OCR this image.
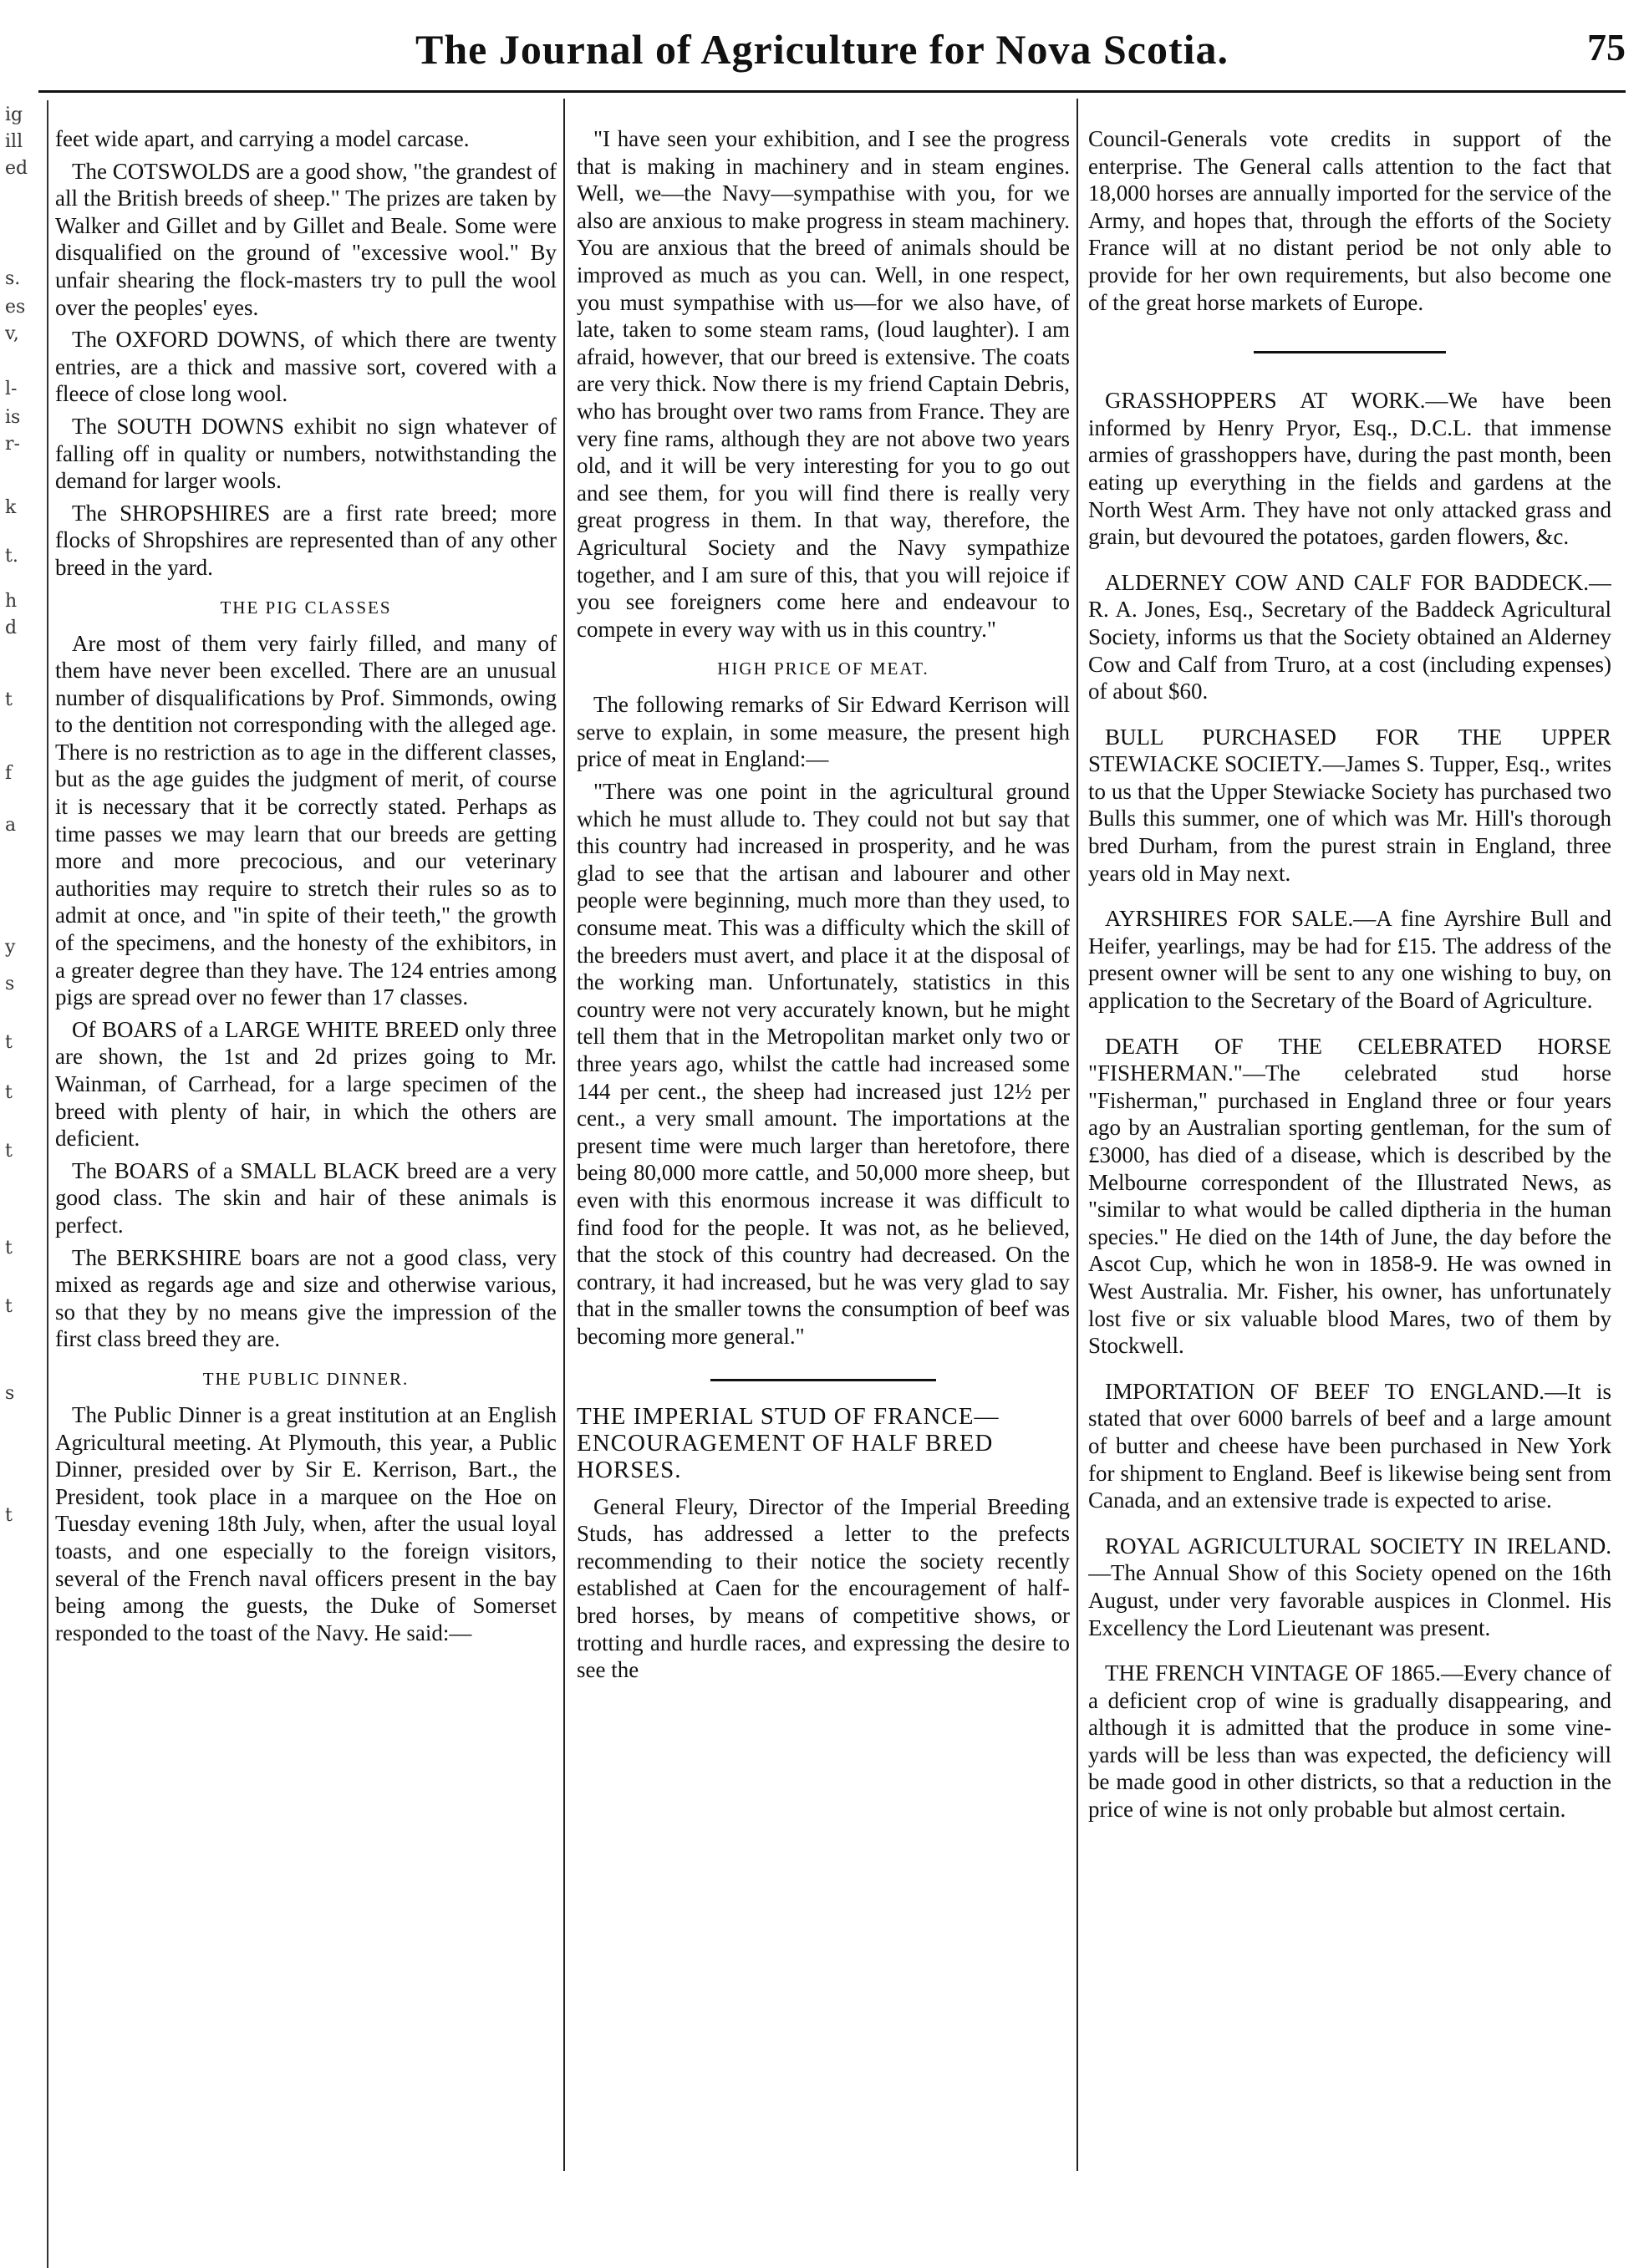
The Journal of Agriculture for Nova Scotia.	75
ig
ill
ed
s.
es
v,
l-
is
r-
k
t.
h
d
t
f
a
y
s
t
t
t
t
t
s
t

feet wide apart, and carrying a model carcase.

The COTSWOLDS are a good show, "the grandest of all the British breeds of sheep." The prizes are taken by Walker and Gillet and by Gillet and Beale. Some were disqualified on the ground of "excessive wool." By unfair shearing the flock-masters try to pull the wool over the peoples' eyes.

The OXFORD DOWNS, of which there are twenty entries, are a thick and massive sort, covered with a fleece of close long wool.

The SOUTH DOWNS exhibit no sign whatever of falling off in quality or numbers, notwithstanding the demand for larger wools.

The SHROPSHIRES are a first rate breed; more flocks of Shropshires are represented than of any other breed in the yard.

THE PIG CLASSES

Are most of them very fairly filled, and many of them have never been excelled. There are an unusual number of disqualifications by Prof. Simmonds, owing to the dentition not corresponding with the alleged age. There is no restriction as to age in the different classes, but as the age guides the judgment of merit, of course it is necessary that it be correctly stated. Perhaps as time passes we may learn that our breeds are getting more and more precocious, and our veterinary authorities may require to stretch their rules so as to admit at once, and "in spite of their teeth," the growth of the specimens, and the honesty of the exhibitors, in a greater degree than they have. The 124 entries among pigs are spread over no fewer than 17 classes.

Of BOARS of a LARGE WHITE BREED only three are shown, the 1st and 2d prizes going to Mr. Wainman, of Carrhead, for a large specimen of the breed with plenty of hair, in which the others are deficient.

The BOARS of a SMALL BLACK breed are a very good class. The skin and hair of these animals is perfect.

The BERKSHIRE boars are not a good class, very mixed as regards age and size and otherwise various, so that they by no means give the impression of the first class breed they are.

THE PUBLIC DINNER.

The Public Dinner is a great institution at an English Agricultural meeting. At Plymouth, this year, a Public Dinner, presided over by Sir E. Kerrison, Bart., the President, took place in a marquee on the Hoe on Tuesday evening 18th July, when, after the usual loyal toasts, and one especially to the foreign visitors, several of the French naval officers present in the bay being among the guests, the Duke of Somerset responded to the toast of the Navy. He said:—

"I have seen your exhibition, and I see the progress that is making in machinery and in steam engines. Well, we—the Navy—sympathise with you, for we also are anxious to make progress in steam machinery. You are anxious that the breed of animals should be improved as much as you can. Well, in one respect, you must sympathise with us—for we also have, of late, taken to some steam rams, (loud laughter). I am afraid, however, that our breed is extensive. The coats are very thick. Now there is my friend Captain Debris, who has brought over two rams from France. They are very fine rams, although they are not above two years old, and it will be very interesting for you to go out and see them, for you will find there is really very great progress in them. In that way, therefore, the Agricultural Society and the Navy sympathize together, and I am sure of this, that you will rejoice if you see foreigners come here and endeavour to compete in every way with us in this country."

HIGH PRICE OF MEAT.

The following remarks of Sir Edward Kerrison will serve to explain, in some measure, the present high price of meat in England:—

"There was one point in the agricultural ground which he must allude to. They could not but say that this country had increased in prosperity, and he was glad to see that the artisan and labourer and other people were beginning, much more than they used, to consume meat. This was a difficulty which the skill of the breeders must avert, and place it at the disposal of the working man. Unfortunately, statistics in this country were not very accurately known, but he might tell them that in the Metropolitan market only two or three years ago, whilst the cattle had increased some 144 per cent., the sheep had increased just 12½ per cent., a very small amount. The importations at the present time were much larger than heretofore, there being 80,000 more cattle, and 50,000 more sheep, but even with this enormous increase it was difficult to find food for the people. It was not, as he believed, that the stock of this country had decreased. On the contrary, it had increased, but he was very glad to say that in the smaller towns the consumption of beef was becoming more general."

THE IMPERIAL STUD OF FRANCE—ENCOURAGEMENT OF HALF BRED HORSES.

General Fleury, Director of the Imperial Breeding Studs, has addressed a letter to the prefects recommending to their notice the society recently established at Caen for the encouragement of half-bred horses, by means of competitive shows, or trotting and hurdle races, and expressing the desire to see the

Council-Generals vote credits in support of the enterprise. The General calls attention to the fact that 18,000 horses are annually imported for the service of the Army, and hopes that, through the efforts of the Society France will at no distant period be not only able to provide for her own requirements, but also become one of the great horse markets of Europe.

GRASSHOPPERS AT WORK.—We have been informed by Henry Pryor, Esq., D.C.L. that immense armies of grasshoppers have, during the past month, been eating up everything in the fields and gardens at the North West Arm. They have not only attacked grass and grain, but devoured the potatoes, garden flowers, &c.

ALDERNEY COW AND CALF FOR BADDECK.—R. A. Jones, Esq., Secretary of the Baddeck Agricultural Society, informs us that the Society obtained an Alderney Cow and Calf from Truro, at a cost (including expenses) of about $60.

BULL PURCHASED FOR THE UPPER STEWIACKE SOCIETY.—James S. Tupper, Esq., writes to us that the Upper Stewiacke Society has purchased two Bulls this summer, one of which was Mr. Hill's thorough bred Durham, from the purest strain in England, three years old in May next.

AYRSHIRES FOR SALE.—A fine Ayrshire Bull and Heifer, yearlings, may be had for £15. The address of the present owner will be sent to any one wishing to buy, on application to the Secretary of the Board of Agriculture.

DEATH OF THE CELEBRATED HORSE "FISHERMAN."—The celebrated stud horse "Fisherman," purchased in England three or four years ago by an Australian sporting gentleman, for the sum of £3000, has died of a disease, which is described by the Melbourne correspondent of the Illustrated News, as "similar to what would be called diptheria in the human species." He died on the 14th of June, the day before the Ascot Cup, which he won in 1858-9. He was owned in West Australia. Mr. Fisher, his owner, has unfortunately lost five or six valuable blood Mares, two of them by Stockwell.

IMPORTATION OF BEEF TO ENGLAND.—It is stated that over 6000 barrels of beef and a large amount of butter and cheese have been purchased in New York for shipment to England. Beef is likewise being sent from Canada, and an extensive trade is expected to arise.

ROYAL AGRICULTURAL SOCIETY IN IRELAND.—The Annual Show of this Society opened on the 16th August, under very favorable auspices in Clonmel. His Excellency the Lord Lieutenant was present.

THE FRENCH VINTAGE OF 1865.—Every chance of a deficient crop of wine is gradually disappearing, and although it is admitted that the produce in some vine-yards will be less than was expected, the deficiency will be made good in other districts, so that a reduction in the price of wine is not only probable but almost certain.
